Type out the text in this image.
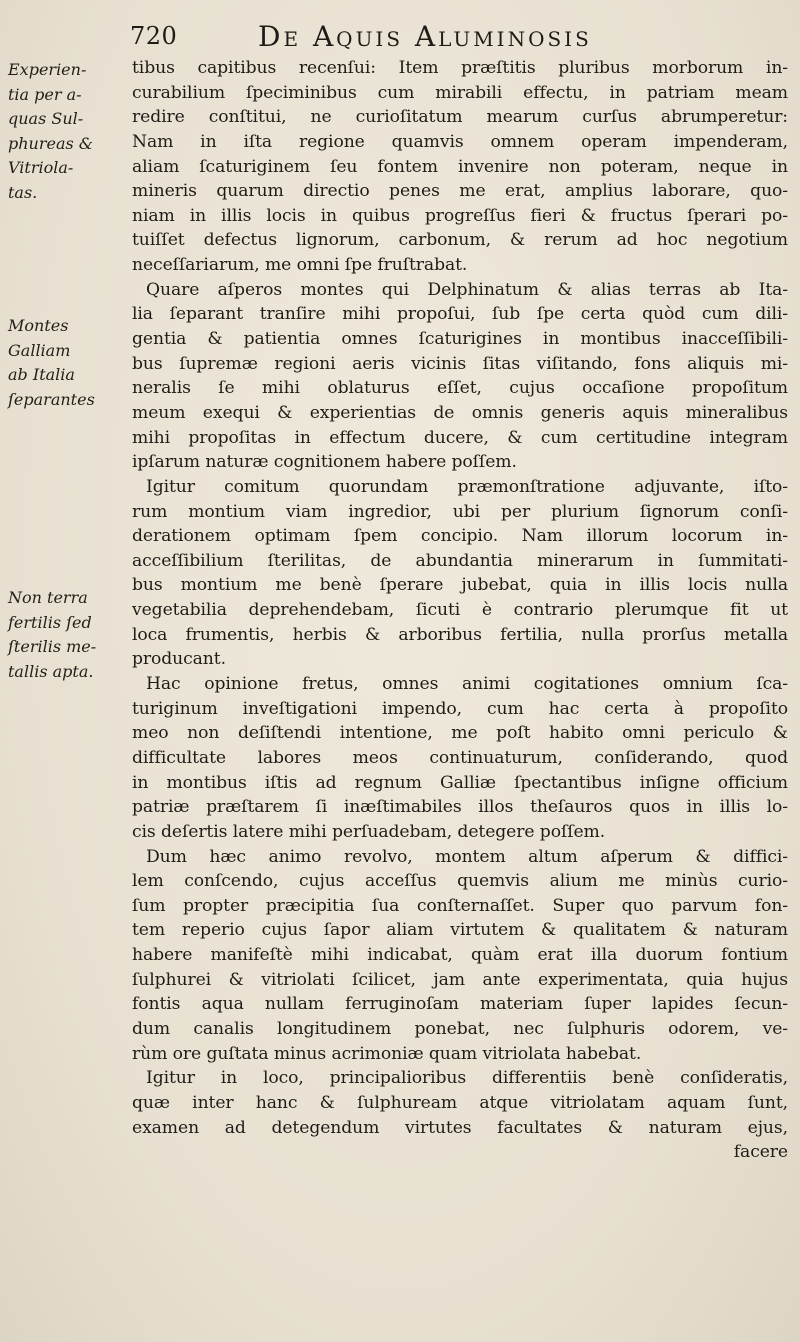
720	De Aquis Aluminosis
Experien-
tia per a-
quas Sul-
phureas &
Vitriola-
tas.
Montes
Galliam
ab Italia
ſeparantes
Non terra
fertilis ſed
ſterilis me-
tallis apta.
tibus capitibus recenſui: Item præſtitis pluribus morborum in-
curabilium ſpeciminibus cum mirabili effectu, in patriam meam
redire conſtitui, ne curioſitatum mearum curſus abrumperetur:
Nam in iſta regione quamvis omnem operam impenderam,
aliam ſcaturiginem ſeu fontem invenire non poteram, neque in
mineris quarum directio penes me erat, amplius laborare, quo-
niam in illis locis in quibus progreſſus fieri & fructus ſperari po-
tuiſſet defectus lignorum, carbonum, & rerum ad hoc negotium
neceſſariarum, me omni ſpe fruſtrabat.
Quare aſperos montes qui Delphinatum & alias terras ab Ita-
lia ſeparant tranſire mihi propoſui, ſub ſpe certa quòd cum dili-
gentia & patientia omnes ſcaturigines in montibus inacceſſibili-
bus ſupremæ regioni aeris vicinis ſitas viſitando, fons aliquis mi-
neralis ſe mihi oblaturus eſſet, cujus occaſione propoſitum
meum exequi & experientias de omnis generis aquis mineralibus
mihi propoſitas in effectum ducere, & cum certitudine integram
ipſarum naturæ cognitionem habere poſſem.
Igitur comitum quorundam præmonſtratione adjuvante, iſto-
rum montium viam ingredior, ubi per plurium ſignorum conſi-
derationem optimam ſpem concipio. Nam illorum locorum in-
acceſſibilium ſterilitas, de abundantia minerarum in ſummitati-
bus montium me benè ſperare jubebat, quia in illis locis nulla
vegetabilia deprehendebam, ſicuti è contrario plerumque fit ut
loca frumentis, herbis & arboribus fertilia, nulla prorſus metalla
producant.
Hac opinione fretus, omnes animi cogitationes omnium ſca-
turiginum inveſtigationi impendo, cum hac certa à propoſito
meo non deſiſtendi intentione, me poſt habito omni periculo &
difficultate labores meos continuaturum, conſiderando, quod
in montibus iſtis ad regnum Galliæ ſpectantibus inſigne officium
patriæ præſtarem ſi inæſtimabiles illos theſauros quos in illis lo-
cis deſertis latere mihi perſuadebam, detegere poſſem.
Dum hæc animo revolvo, montem altum aſperum & diffici-
lem conſcendo, cujus acceſſus quemvis alium me minùs curio-
ſum propter præcipitia ſua conſternaſſet. Super quo parvum fon-
tem reperio cujus ſapor aliam virtutem & qualitatem & naturam
habere manifeſtè mihi indicabat, quàm erat illa duorum fontium
ſulphurei & vitriolati ſcilicet, jam ante experimentata, quia hujus
fontis aqua nullam ferruginoſam materiam ſuper lapides ſecun-
dum canalis longitudinem ponebat, nec ſulphuris odorem, ve-
rùm ore guſtata minus acrimoniæ quam vitriolata habebat.
Igitur in loco, principalioribus differentiis benè conſideratis,
quæ inter hanc & ſulphuream atque vitriolatam aquam ſunt,
examen ad detegendum virtutes facultates & naturam ejus,
facere
